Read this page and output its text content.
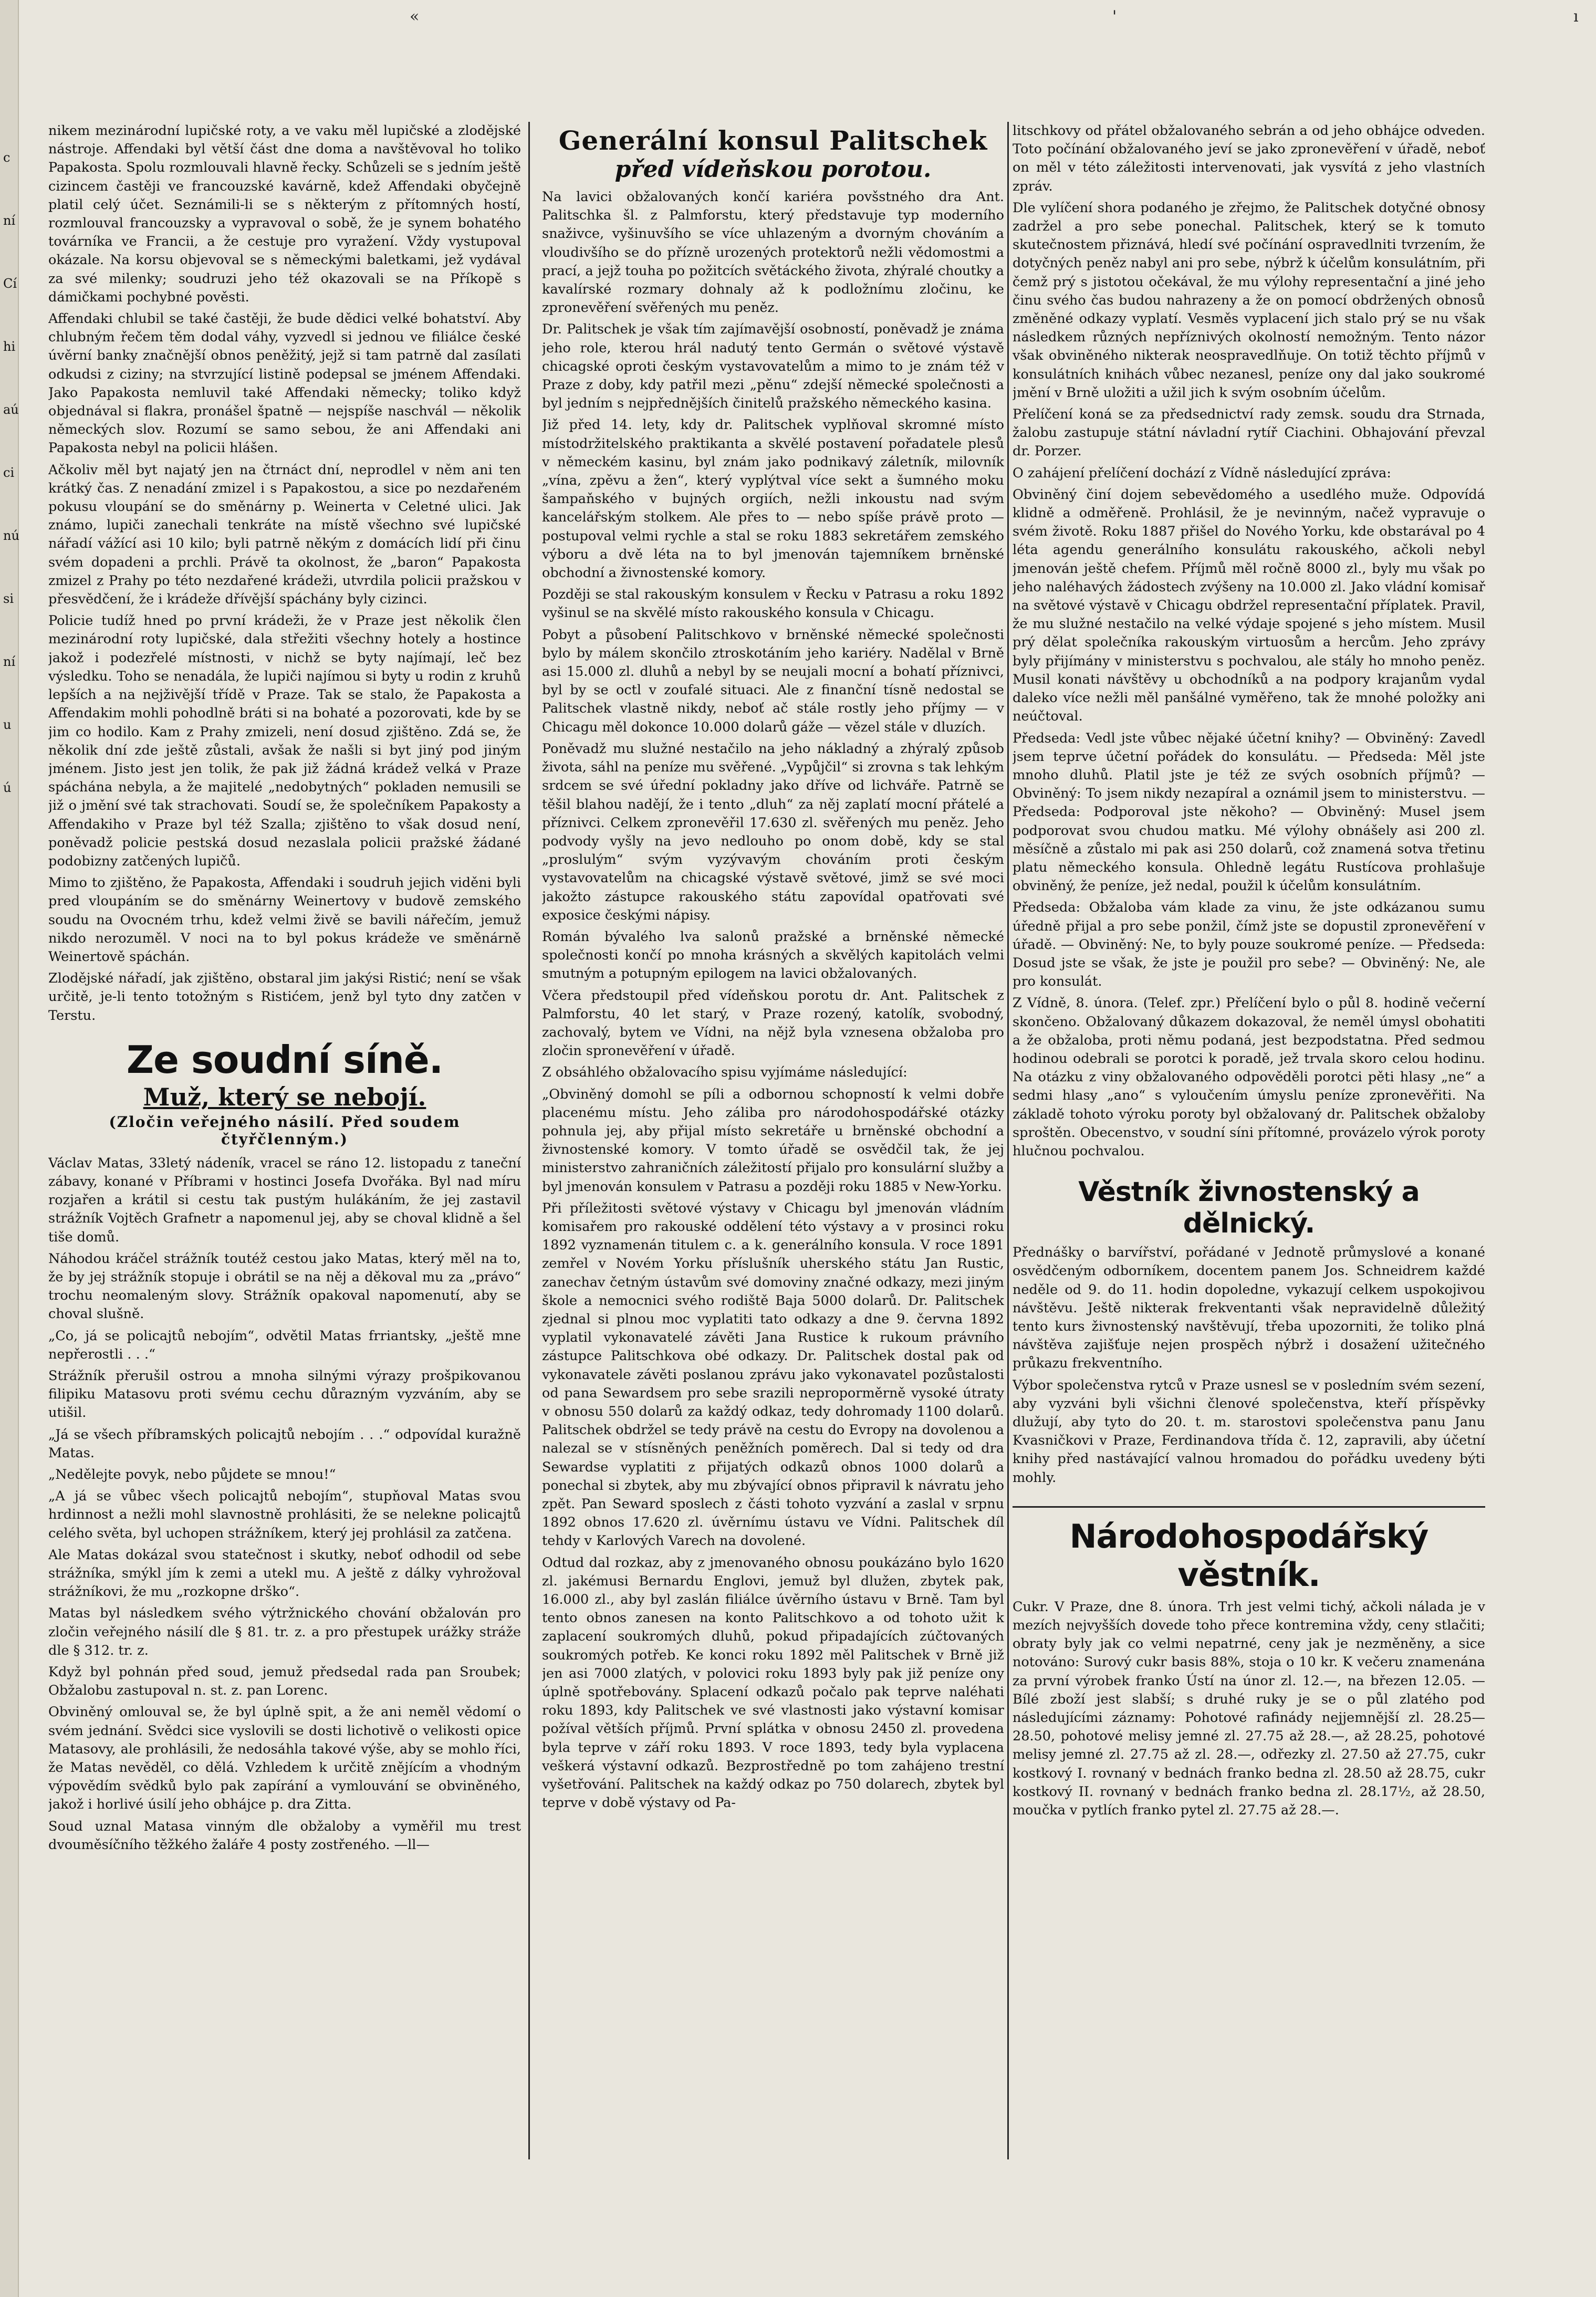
c
ní
Cí
hi
aú
ci
nú
si
ní
u
ú
«	'	ı

nikem mezinárodní lupičské roty, a ve vaku měl lupičské a zlodějské nástroje. Affendaki byl větší část dne doma a navštěvoval ho toliko Papakosta. Spolu rozmlouvali hlavně řecky. Schůzeli se s jedním ještě cizincem častěji ve francouzské kavárně, kdež Affendaki obyčejně platil celý účet. Seznámili-li se s některým z přítomných hostí, rozmlouval francouzsky a vypravoval o sobě, že je synem bohatého továrníka ve Francii, a že cestuje pro vyražení. Vždy vystupoval okázale. Na korsu objevoval se s německými baletkami, jež vydával za své milenky; soudruzi jeho též okazovali se na Příkopě s dámičkami pochybné pověsti.

Affendaki chlubil se také častěji, že bude dědici velké bohatství. Aby chlubným řečem těm dodal váhy, vyzvedl si jednou ve filiálce české úvěrní banky značnější obnos peněžitý, jejž si tam patrně dal zasílati odkudsi z ciziny; na stvrzující listině podepsal se jménem Affendaki. Jako Papakosta nemluvil také Affendaki německy; toliko když objednával si flakra, pronášel špatně — nejspíše naschvál — několik německých slov. Rozumí se samo sebou, že ani Affendaki ani Papakosta nebyl na policii hlášen.

Ačkoliv měl byt najatý jen na čtrnáct dní, neprodlel v něm ani ten krátký čas. Z nenadání zmizel i s Papakostou, a sice po nezdařeném pokusu vloupání se do směnárny p. Weinerta v Celetné ulici. Jak známo, lupiči zanechali tenkráte na místě všechno své lupičské nářadí vážící asi 10 kilo; byli patrně někým z domácích lidí při činu svém dopadeni a prchli. Právě ta okolnost, že „baron“ Papakosta zmizel z Prahy po této nezdařené krádeži, utvrdila policii pražskou v přesvědčení, že i krádeže dřívější spáchány byly cizinci.

Policie tudíž hned po první krádeži, že v Praze jest několik člen mezinárodní roty lupičské, dala střežiti všechny hotely a hostince jakož i podezřelé místnosti, v nichž se byty najímají, leč bez výsledku. Toho se nenadála, že lupiči najímou si byty u rodin z kruhů lepších a na nejživější třídě v Praze. Tak se stalo, že Papakosta a Affendakim mohli pohodlně bráti si na bohaté a pozorovati, kde by se jim co hodilo. Kam z Prahy zmizeli, není dosud zjištěno. Zdá se, že několik dní zde ještě zůstali, avšak že našli si byt jiný pod jiným jménem. Jisto jest jen tolik, že pak již žádná krádež velká v Praze spáchána nebyla, a že majitelé „nedobytných“ pokladen nemusili se již o jmění své tak strachovati. Soudí se, že společníkem Papakosty a Affendakiho v Praze byl též Szalla; zjištěno to však dosud není, poněvadž policie pestská dosud nezaslala policii pražské žádané podobizny zatčených lupičů.

Mimo to zjištěno, že Papakosta, Affendaki i soudruh jejich viděni byli pred vloupáním se do směnárny Weinertovy v budově zemského soudu na Ovocném trhu, kdež velmi živě se bavili nářečím, jemuž nikdo nerozuměl. V noci na to byl pokus krádeže ve směnárně Weinertově spáchán.

Zlodějské nářadí, jak zjištěno, obstaral jim jakýsi Ristić; není se však určitě, je-li tento totožným s Ristićem, jenž byl tyto dny zatčen v Terstu.

Ze soudní síně.
Muž, který se nebojí.
(Zločin veřejného násilí. Před soudem čtyřčlenným.)

Václav Matas, 33letý nádeník, vracel se ráno 12. listopadu z taneční zábavy, konané v Příbrami v hostinci Josefa Dvořáka. Byl nad míru rozjařen a krátil si cestu tak pustým hulákáním, že jej zastavil strážník Vojtěch Grafnetr a napomenul jej, aby se choval klidně a šel tiše domů.

Náhodou kráčel strážník toutéž cestou jako Matas, který měl na to, že by jej strážník stopuje i obrátil se na něj a děkoval mu za „právo“ trochu neomaleným slovy. Strážník opakoval napomenutí, aby se choval slušně.

„Co, já se policajtů nebojím“, odvětil Matas frriantsky, „ještě mne nepřerostli . . .“

Strážník přerušil ostrou a mnoha silnými výrazy prošpikovanou filipiku Matasovu proti svému cechu důrazným vyzváním, aby se utišil.

„Já se všech příbramských policajtů nebojím . . .“ odpovídal kuražně Matas.

„Nedělejte povyk, nebo půjdete se mnou!“

„A já se vůbec všech policajtů nebojím“, stupňoval Matas svou hrdinnost a nežli mohl slavnostně prohlásiti, že se nelekne policajtů celého světa, byl uchopen strážníkem, který jej prohlásil za zatčena.

Ale Matas dokázal svou statečnost i skutky, neboť odhodil od sebe strážníka, smýkl jím k zemi a utekl mu. A ještě z dálky vyhrožoval strážníkovi, že mu „rozkopne drško“.

Matas byl následkem svého výtržnického chování obžalován pro zločin veřejného násilí dle § 81. tr. z. a pro přestupek urážky stráže dle § 312. tr. z.

Když byl pohnán před soud, jemuž předsedal rada pan Sroubek; Obžalobu zastupoval n. st. z. pan Lorenc.

Obviněný omlouval se, že byl úplně spit, a že ani neměl vědomí o svém jednání. Svědci sice vyslovili se dosti lichotivě o velikosti opice Matasovy, ale prohlásili, že nedosáhla takové výše, aby se mohlo říci, že Matas nevěděl, co dělá. Vzhledem k určitě znějícím a vhodným výpovědím svědků bylo pak zapírání a vymlouvání se obviněného, jakož i horlivé úsilí jeho obhájce p. dra Zitta.

Soud uznal Matasa vinným dle obžaloby a vyměřil mu trest dvouměsíčního těžkého žaláře 4 posty zostřeného. —ll—

Generální konsul Palitschek
před vídeňskou porotou.

Na lavici obžalovaných končí kariéra povšstného dra Ant. Palitschka šl. z Palmforstu, který představuje typ moderního snaživce, vyšinuvšího se více uhlazeným a dvorným chováním a vloudivšího se do přízně urozených protektorů nežli vědomostmi a prací, a jejž touha po požitcích světáckého života, zhýralé choutky a kavalírské rozmary dohnaly až k podložnímu zločinu, ke zpronevěření svěřených mu peněz.

Dr. Palitschek je však tím zajímavější osobností, poněvadž je známa jeho role, kterou hrál nadutý tento Germán o světové výstavě chicagské oproti českým vystavovatelům a mimo to je znám též v Praze z doby, kdy patřil mezi „pěnu“ zdejší německé společnosti a byl jedním s nejpřednějších činitelů pražského německého kasina.

Již před 14. lety, kdy dr. Palitschek vyplňoval skromné místo místodržitelského praktikanta a skvělé postavení pořadatele plesů v německém kasinu, byl znám jako podnikavý záletník, milovník „vína, zpěvu a žen“, který vyplýtval více sekt a šumného moku šampaňského v bujných orgiích, nežli inkoustu nad svým kancelářským stolkem. Ale přes to — nebo spíše právě proto — postupoval velmi rychle a stal se roku 1883 sekretářem zemského výboru a dvě léta na to byl jmenován tajemníkem brněnské obchodní a živnostenské komory.

Později se stal rakouským konsulem v Řecku v Patrasu a roku 1892 vyšinul se na skvělé místo rakouského konsula v Chicagu.

Pobyt a působení Palitschkovo v brněnské německé společnosti bylo by málem skončilo ztroskotáním jeho kariéry. Nadělal v Brně asi 15.000 zl. dluhů a nebyl by se neujali mocní a bohatí příznivci, byl by se octl v zoufalé situaci. Ale z finanční tísně nedostal se Palitschek vlastně nikdy, neboť ač stále rostly jeho příjmy — v Chicagu měl dokonce 10.000 dolarů gáže — vězel stále v dluzích.

Poněvadž mu služné nestačilo na jeho nákladný a zhýralý způsob života, sáhl na peníze mu svěřené. „Vypůjčil“ si zrovna s tak lehkým srdcem se své úřední pokladny jako dříve od lichváře. Patrně se těšil blahou nadějí, že i tento „dluh“ za něj zaplatí mocní přátelé a příznivci. Celkem zpronevěřil 17.630 zl. svěřených mu peněz. Jeho podvody vyšly na jevo nedlouho po onom době, kdy se stal „proslulým“ svým vyzývavým chováním proti českým vystavovatelům na chicagské výstavě světové, jimž se své moci jakožto zástupce rakouského státu zapovídal opatřovati své exposice českými nápisy.

Román bývalého lva salonů pražské a brněnské německé společnosti končí po mnoha krásných a skvělých kapitolách velmi smutným a potupným epilogem na lavici obžalovaných.

Včera předstoupil před vídeňskou porotu dr. Ant. Palitschek z Palmforstu, 40 let starý, v Praze rozený, katolík, svobodný, zachovalý, bytem ve Vídni, na nějž byla vznesena obžaloba pro zločin spronevěření v úřadě.

Z obsáhlého obžalovacího spisu vyjímáme následující:

„Obviněný domohl se píli a odbornou schopností k velmi dobře placenému místu. Jeho záliba pro národohospodářské otázky pohnula jej, aby přijal místo sekretáře u brněnské obchodní a živnostenské komory. V tomto úřadě se osvědčil tak, že jej ministerstvo zahraničních záležitostí přijalo pro konsulární služby a byl jmenován konsulem v Patrasu a později roku 1885 v New-Yorku.

Při příležitosti světové výstavy v Chicagu byl jmenován vládním komisařem pro rakouské oddělení této výstavy a v prosinci roku 1892 vyznamenán titulem c. a k. generálního konsula. V roce 1891 zemřel v Novém Yorku příslušník uherského státu Jan Rustic, zanechav četným ústavům své domoviny značné odkazy, mezi jiným škole a nemocnici svého rodiště Baja 5000 dolarů. Dr. Palitschek zjednal si plnou moc vyplatiti tato odkazy a dne 9. června 1892 vyplatil vykonavatelé závěti Jana Rustice k rukoum právního zástupce Palitschkova obé odkazy. Dr. Palitschek dostal pak od vykonavatele závěti poslanou zprávu jako vykonavatel pozůstalosti od pana Sewardsem pro sebe srazili neproporměrně vysoké útraty v obnosu 550 dolarů za každý odkaz, tedy dohromady 1100 dolarů. Palitschek obdržel se tedy právě na cestu do Evropy na dovolenou a nalezal se v stísněných peněžních poměrech. Dal si tedy od dra Sewardse vyplatiti z přijatých odkazů obnos 1000 dolarů a ponechal si zbytek, aby mu zbývající obnos připravil k návratu jeho zpět. Pan Seward sposlech z části tohoto vyzvání a zaslal v srpnu 1892 obnos 17.620 zl. úvěrnímu ústavu ve Vídni. Palitschek díl tehdy v Karlových Varech na dovolené.

Odtud dal rozkaz, aby z jmenovaného obnosu poukázáno bylo 1620 zl. jakémusi Bernardu Englovi, jemuž byl dlužen, zbytek pak, 16.000 zl., aby byl zaslán filiálce úvěrního ústavu v Brně. Tam byl tento obnos zanesen na konto Palitschkovo a od tohoto užit k zaplacení soukromých dluhů, pokud připadajících zúčtovaných soukromých potřeb. Ke konci roku 1892 měl Palitschek v Brně již jen asi 7000 zlatých, v polovici roku 1893 byly pak již peníze ony úplně spotřebovány. Splacení odkazů počalo pak teprve naléhati roku 1893, kdy Palitschek ve své vlastnosti jako výstavní komisar požíval větších příjmů. První splátka v obnosu 2450 zl. provedena byla teprve v září roku 1893. V roce 1893, tedy byla vyplacena veškerá výstavní odkazů. Bezprostředně po tom zahájeno trestní vyšetřování. Palitschek na každý odkaz po 750 dolarech, zbytek byl teprve v době výstavy od Pa-

litschkovy od přátel obžalovaného sebrán a od jeho obhájce odveden. Toto počínání obžalovaného jeví se jako zpronevěření v úřadě, neboť on měl v této záležitosti intervenovati, jak vysvítá z jeho vlastních zpráv.

Dle vylíčení shora podaného je zřejmo, že Palitschek dotyčné obnosy zadržel a pro sebe ponechal. Palitschek, který se k tomuto skutečnostem přiznává, hledí své počínání ospravedlniti tvrzením, že dotyčných peněz nabyl ani pro sebe, nýbrž k účelům konsulátním, při čemž prý s jistotou očekával, že mu výlohy representační a jiné jeho činu svého čas budou nahrazeny a že on pomocí obdržených obnosů změněné odkazy vyplatí. Vesměs vyplacení jich stalo prý se nu však následkem různých nepříznivých okolností nemožným. Tento názor však obviněného nikterak neospravedlňuje. On totiž těchto příjmů v konsulátních knihách vůbec nezanesl, peníze ony dal jako soukromé jmění v Brně uložiti a užil jich k svým osobním účelům.

Přelíčení koná se za předsednictví rady zemsk. soudu dra Strnada, žalobu zastupuje státní návladní rytíř Ciachini. Obhajování převzal dr. Porzer.

O zahájení přelíčení dochází z Vídně následující zpráva:

Obviněný činí dojem sebevědomého a usedlého muže. Odpovídá klidně a odměřeně. Prohlásil, že je nevinným, načež vypravuje o svém životě. Roku 1887 přišel do Nového Yorku, kde obstarával po 4 léta agendu generálního konsulátu rakouského, ačkoli nebyl jmenován ještě chefem. Příjmů měl ročně 8000 zl., byly mu však po jeho naléhavých žádostech zvýšeny na 10.000 zl. Jako vládní komisař na světové výstavě v Chicagu obdržel representační příplatek. Pravil, že mu služné nestačilo na velké výdaje spojené s jeho místem. Musil prý dělat společníka rakouským virtuosům a hercům. Jeho zprávy byly přijímány v ministerstvu s pochvalou, ale stály ho mnoho peněz. Musil konati návštěvy u obchodníků a na podpory krajanům vydal daleko více nežli měl panšálné vyměřeno, tak že mnohé položky ani neúčtoval.

Předseda: Vedl jste vůbec nějaké účetní knihy? — Obviněný: Zavedl jsem teprve účetní pořádek do konsulátu. — Předseda: Měl jste mnoho dluhů. Platil jste je též ze svých osobních příjmů? — Obviněný: To jsem nikdy nezapíral a oznámil jsem to ministerstvu. — Předseda: Podporoval jste někoho? — Obviněný: Musel jsem podporovat svou chudou matku. Mé výlohy obnášely asi 200 zl. měsíčně a zůstalo mi pak asi 250 dolarů, což znamená sotva třetinu platu německého konsula. Ohledně legátu Rustícova prohlašuje obviněný, že peníze, jež nedal, použil k účelům konsulátním.

Předseda: Obžaloba vám klade za vinu, že jste odkázanou sumu úředně přijal a pro sebe ponžil, čímž jste se dopustil zpronevěření v úřadě. — Obviněný: Ne, to byly pouze soukromé peníze. — Předseda: Dosud jste se však, že jste je použil pro sebe? — Obviněný: Ne, ale pro konsulát.

Z Vídně, 8. února. (Telef. zpr.) Přelíčení bylo o půl 8. hodině večerní skončeno. Obžalovaný důkazem dokazoval, že neměl úmysl obohatiti a že obžaloba, proti němu podaná, jest bezpodstatna. Před sedmou hodinou odebrali se porotci k poradě, jež trvala skoro celou hodinu. Na otázku z viny obžalovaného odpověděli porotci pěti hlasy „ne“ a sedmi hlasy „ano“ s vyloučením úmyslu peníze zpronevěřiti. Na základě tohoto výroku poroty byl obžalovaný dr. Palitschek obžaloby sproštěn. Obecenstvo, v soudní síni přítomné, provázelo výrok poroty hlučnou pochvalou.

Věstník živnostenský a dělnický.

Přednášky o barvířství, pořádané v Jednotě průmyslové a konané osvědčeným odborníkem, docentem panem Jos. Schneidrem každé neděle od 9. do 11. hodin dopoledne, vykazují celkem uspokojivou návštěvu. Ještě nikterak frekventanti však nepravidelně důležitý tento kurs živnostenský navštěvují, třeba upozorniti, že toliko plná návštěva zajišťuje nejen prospěch nýbrž i dosažení užitečného průkazu frekventního.

Výbor společenstva rytců v Praze usnesl se v posledním svém sezení, aby vyzváni byli všichni členové společenstva, kteří příspěvky dlužují, aby tyto do 20. t. m. starostovi společenstva panu Janu Kvasničkovi v Praze, Ferdinandova třída č. 12, zapravili, aby účetní knihy před nastávající valnou hromadou do pořádku uvedeny býti mohly.

Národohospodářský věstník.

Cukr. V Praze, dne 8. února. Trh jest velmi tichý, ačkoli nálada je v mezích nejvyšších dovede toho přece kontremina vždy, ceny stlačiti; obraty byly jak co velmi nepatrné, ceny jak je nezměněny, a sice notováno: Surový cukr basis 88%, stoja o 10 kr. K večeru znamenána za první výrobek franko Ústí na únor zl. 12.—, na březen 12.05. — Bílé zboží jest slabší; s druhé ruky je se o půl zlatého pod následujícími záznamy: Pohotové rafinády nejjemnější zl. 28.25—28.50, pohotové melisy jemné zl. 27.75 až 28.—, až 28.25, pohotové melisy jemné zl. 27.75 až zl. 28.—, odřezky zl. 27.50 až 27.75, cukr kostkový I. rovnaný v bednách franko bedna zl. 28.50 až 28.75, cukr kostkový II. rovnaný v bednách franko bedna zl. 28.17½, až 28.50, moučka v pytlích franko pytel zl. 27.75 až 28.—.
